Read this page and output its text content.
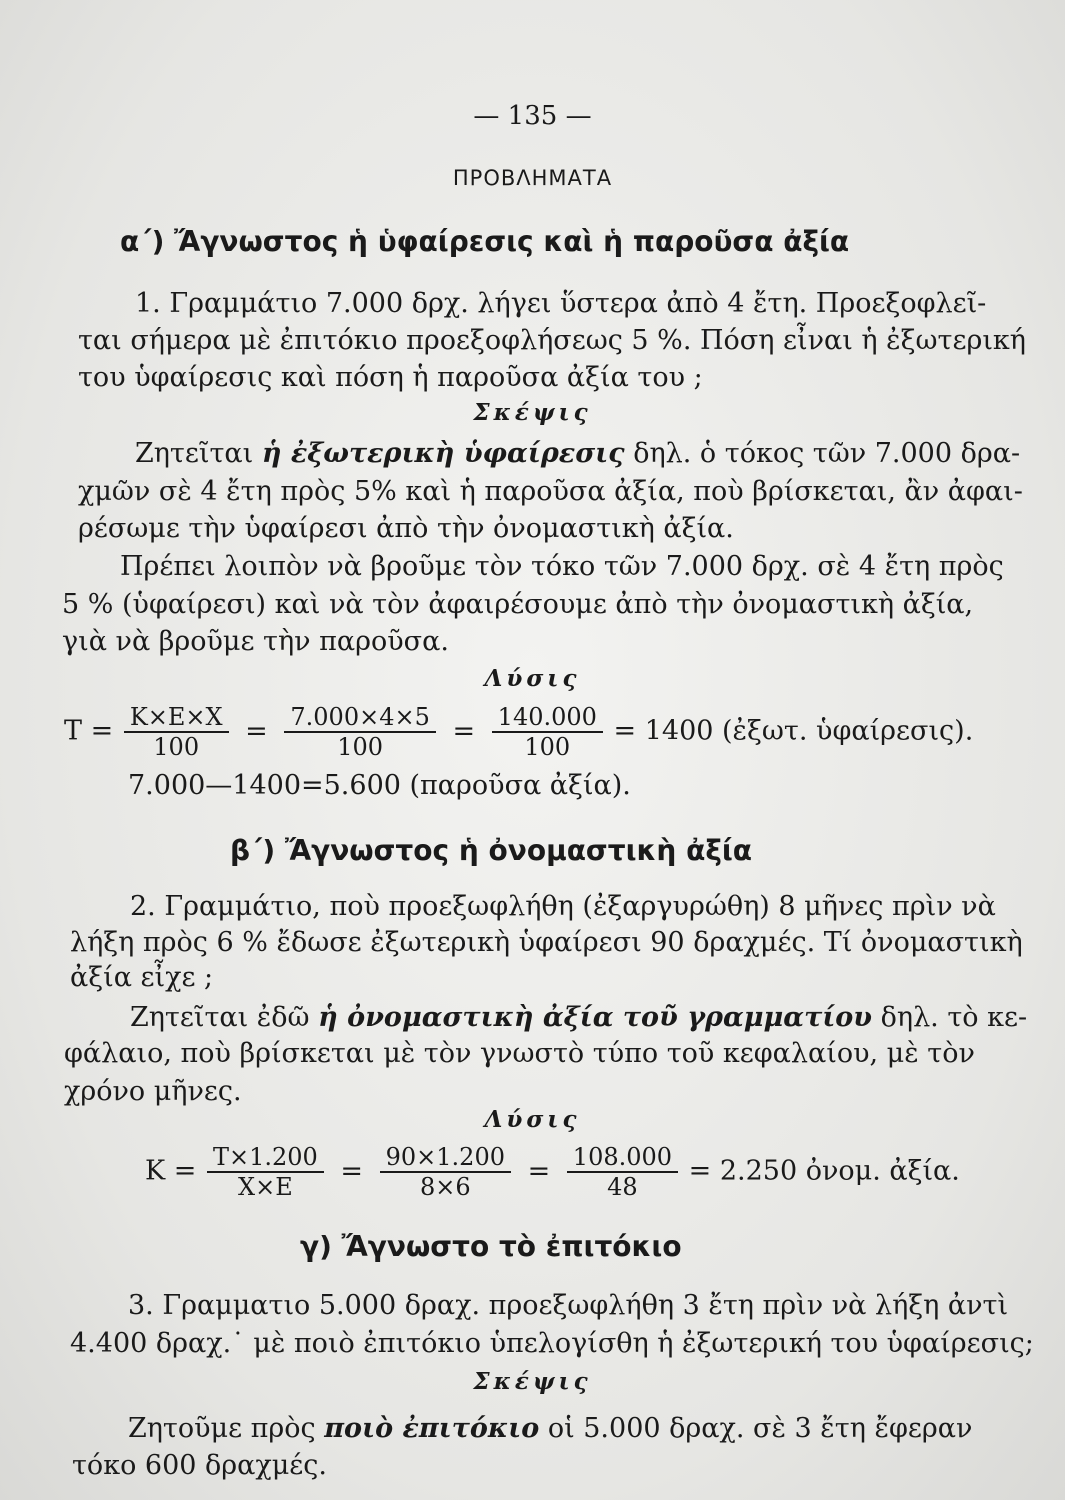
— 135 —
ΠΡΟΒΛΗΜΑΤΑ
α΄) Ἄγνωστος ἡ ὑφαίρεσις καὶ ἡ παροῦσα ἀξία
1. Γραμμάτιο 7.000 δρχ. λήγει ὕστερα ἀπὸ 4 ἔτη. Προεξοφλεῖ-
ται σήμερα μὲ ἐπιτόκιο προεξοφλήσεως 5 %. Πόση εἶναι ἡ ἐξωτερική
του ὑφαίρεσις καὶ πόση ἡ παροῦσα ἀξία του ;
Σκέψις
Ζητεῖται ἡ ἐξωτερικὴ ὑφαίρεσις δηλ. ὁ τόκος τῶν 7.000 δρα-
χμῶν σὲ 4 ἔτη πρὸς 5% καὶ ἡ παροῦσα ἀξία, ποὺ βρίσκεται, ἂν ἀφαι-
ρέσωμε τὴν ὑφαίρεσι ἀπὸ τὴν ὀνομαστικὴ ἀξία.
Πρέπει λοιπὸν νὰ βροῦμε τὸν τόκο τῶν 7.000 δρχ. σὲ 4 ἔτη πρὸς
5 % (ὑφαίρεσι) καὶ νὰ τὸν ἀφαιρέσουμε ἀπὸ τὴν ὀνομαστικὴ ἀξία,
γιὰ νὰ βροῦμε τὴν παροῦσα.
Λύσις
$T = \frac{K\times E\times X}{100} = \frac{7.000\times 4\times 5}{100} = \frac{140.000}{100} = 1400$ (ἐξωτ. ὑφαίρεσις).
7.000—1400=5.600 (παροῦσα ἀξία).
β΄) Ἄγνωστος ἡ ὀνομαστικὴ ἀξία
2. Γραμμάτιο, ποὺ προεξωφλήθη (ἐξαργυρώθη) 8 μῆνες πρὶν νὰ
λήξη πρὸς 6 % ἔδωσε ἐξωτερικὴ ὑφαίρεσι 90 δραχμές. Τί ὀνομαστικὴ
ἀξία εἶχε ;
Ζητεῖται ἐδῶ ἡ ὀνομαστικὴ ἀξία τοῦ γραμματίου δηλ. τὸ κε-
φάλαιο, ποὺ βρίσκεται μὲ τὸν γνωστὸ τύπο τοῦ κεφαλαίου, μὲ τὸν
χρόνο μῆνες.
Λύσις
$K = \frac{T\times 1.200}{X\times E} = \frac{90\times 1.200}{8\times 6} = \frac{108.000}{48} = 2.250$ ὀνομ. ἀξία.
γ) Ἄγνωστο τὸ ἐπιτόκιο
3. Γραμματιο 5.000 δραχ. προεξωφλήθη 3 ἔτη πρὶν νὰ λήξη ἀντὶ
4.400 δραχ.˙ μὲ ποιὸ ἐπιτόκιο ὑπελογίσθη ἡ ἐξωτερική του ὑφαίρεσις;
Σκέψις
Ζητοῦμε πρὸς ποιὸ ἐπιτόκιο οἱ 5.000 δραχ. σὲ 3 ἔτη ἔφεραν
τόκο 600 δραχμές.
